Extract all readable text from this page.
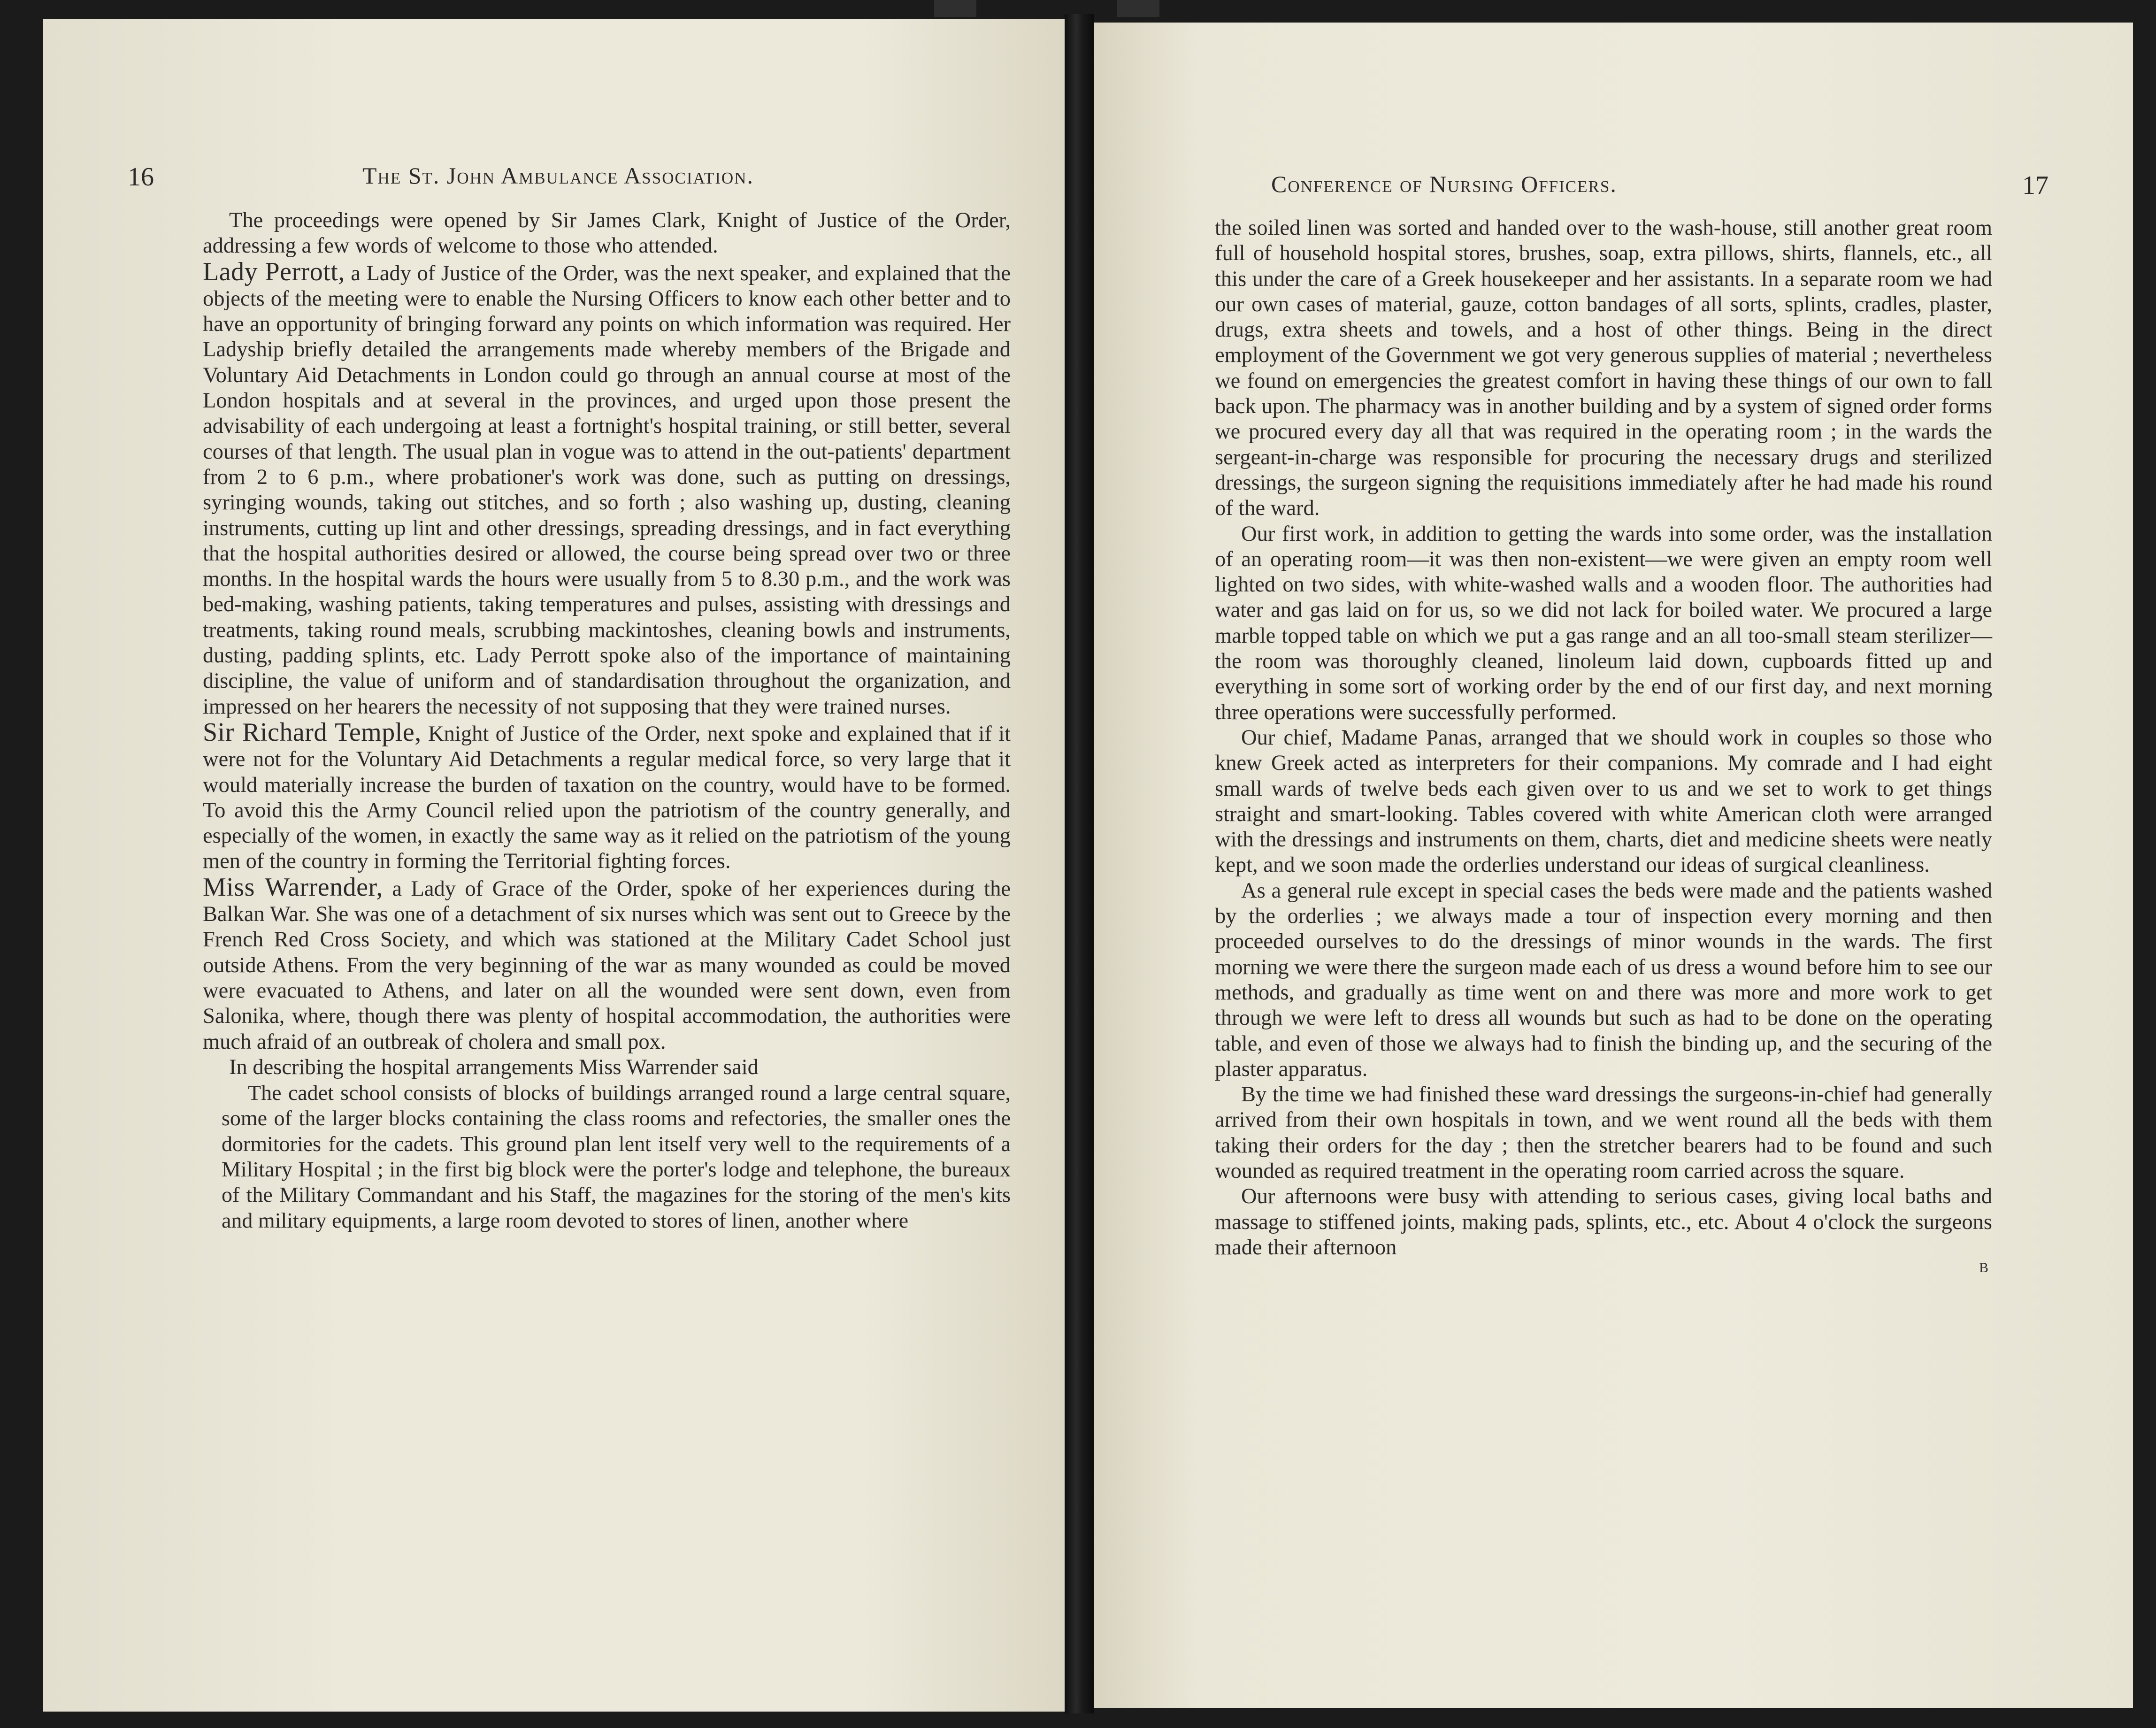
16	The St. John Ambulance Association.

The proceedings were opened by Sir James Clark, Knight of Justice of the Order, addressing a few words of welcome to those who attended.

Lady Perrott, a Lady of Justice of the Order, was the next speaker, and explained that the objects of the meeting were to enable the Nursing Officers to know each other better and to have an opportunity of bringing forward any points on which information was required. Her Ladyship briefly detailed the arrangements made whereby members of the Brigade and Voluntary Aid Detachments in London could go through an annual course at most of the London hospitals and at several in the provinces, and urged upon those present the advisability of each undergoing at least a fortnight's hospital training, or still better, several courses of that length. The usual plan in vogue was to attend in the out-patients' department from 2 to 6 p.m., where probationer's work was done, such as putting on dressings, syringing wounds, taking out stitches, and so forth ; also washing up, dusting, cleaning instruments, cutting up lint and other dressings, spreading dressings, and in fact everything that the hospital authorities desired or allowed, the course being spread over two or three months. In the hospital wards the hours were usually from 5 to 8.30 p.m., and the work was bed-making, washing patients, taking temperatures and pulses, assisting with dressings and treatments, taking round meals, scrubbing mackintoshes, cleaning bowls and instruments, dusting, padding splints, etc. Lady Perrott spoke also of the importance of maintaining discipline, the value of uniform and of standardisation throughout the organization, and impressed on her hearers the necessity of not supposing that they were trained nurses.

Sir Richard Temple, Knight of Justice of the Order, next spoke and explained that if it were not for the Voluntary Aid Detachments a regular medical force, so very large that it would materially increase the burden of taxation on the country, would have to be formed. To avoid this the Army Council relied upon the patriotism of the country generally, and especially of the women, in exactly the same way as it relied on the patriotism of the young men of the country in forming the Territorial fighting forces.

Miss Warrender, a Lady of Grace of the Order, spoke of her experiences during the Balkan War. She was one of a detachment of six nurses which was sent out to Greece by the French Red Cross Society, and which was stationed at the Military Cadet School just outside Athens. From the very beginning of the war as many wounded as could be moved were evacuated to Athens, and later on all the wounded were sent down, even from Salonika, where, though there was plenty of hospital accommodation, the authorities were much afraid of an outbreak of cholera and small pox.

In describing the hospital arrangements Miss Warrender said

The cadet school consists of blocks of buildings arranged round a large central square, some of the larger blocks containing the class rooms and refectories, the smaller ones the dormitories for the cadets. This ground plan lent itself very well to the requirements of a Military Hospital ; in the first big block were the porter's lodge and telephone, the bureaux of the Military Commandant and his Staff, the magazines for the storing of the men's kits and military equipments, a large room devoted to stores of linen, another where

Conference of Nursing Officers.	17

the soiled linen was sorted and handed over to the wash-house, still another great room full of household hospital stores, brushes, soap, extra pillows, shirts, flannels, etc., all this under the care of a Greek housekeeper and her assistants. In a separate room we had our own cases of material, gauze, cotton bandages of all sorts, splints, cradles, plaster, drugs, extra sheets and towels, and a host of other things. Being in the direct employment of the Government we got very generous supplies of material ; nevertheless we found on emergencies the greatest comfort in having these things of our own to fall back upon. The pharmacy was in another building and by a system of signed order forms we procured every day all that was required in the operating room ; in the wards the sergeant-in-charge was responsible for procuring the necessary drugs and sterilized dressings, the surgeon signing the requisitions immediately after he had made his round of the ward.

Our first work, in addition to getting the wards into some order, was the installation of an operating room—it was then non-existent—we were given an empty room well lighted on two sides, with white-washed walls and a wooden floor. The authorities had water and gas laid on for us, so we did not lack for boiled water. We procured a large marble topped table on which we put a gas range and an all too-small steam sterilizer—the room was thoroughly cleaned, linoleum laid down, cupboards fitted up and everything in some sort of working order by the end of our first day, and next morning three operations were successfully performed.

Our chief, Madame Panas, arranged that we should work in couples so those who knew Greek acted as interpreters for their companions. My comrade and I had eight small wards of twelve beds each given over to us and we set to work to get things straight and smart-looking. Tables covered with white American cloth were arranged with the dressings and instruments on them, charts, diet and medicine sheets were neatly kept, and we soon made the orderlies understand our ideas of surgical cleanliness.

As a general rule except in special cases the beds were made and the patients washed by the orderlies ; we always made a tour of inspection every morning and then proceeded ourselves to do the dressings of minor wounds in the wards. The first morning we were there the surgeon made each of us dress a wound before him to see our methods, and gradually as time went on and there was more and more work to get through we were left to dress all wounds but such as had to be done on the operating table, and even of those we always had to finish the binding up, and the securing of the plaster apparatus.

By the time we had finished these ward dressings the surgeons-in-chief had generally arrived from their own hospitals in town, and we went round all the beds with them taking their orders for the day ; then the stretcher bearers had to be found and such wounded as required treatment in the operating room carried across the square.

Our afternoons were busy with attending to serious cases, giving local baths and massage to stiffened joints, making pads, splints, etc., etc. About 4 o'clock the surgeons made their afternoon

B
